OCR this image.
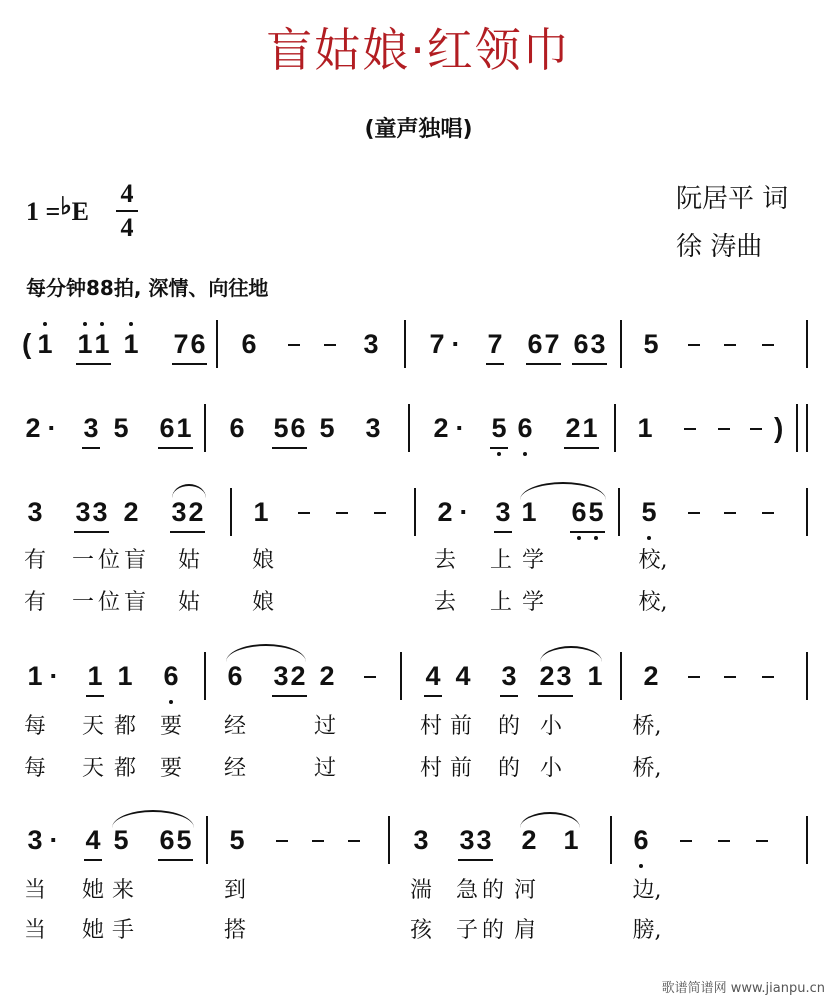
盲姑娘·红领巾
(童声独唱)
1 =♭E
4
4
阮居平 词
徐 涛曲
每分钟88拍, 深情、向往地
( 1 1 1 1 7 6 6	3 7 · 7 6 7 6 3 5
2 · 3 5 6 1 6 5 6 5 3 2 · 5 6 2 1 1	)
3 3 3 2 3 2 1	2 · 3 1 6 5 5
有 一 位 盲 姑 娘	去 上 学	校,
有 一 位 盲 姑 娘	去 上 学	校,
1 · 1 1 6 6 3 2 2	4 4 3 2 3 1 2
每 天 都 要 经	过	村 前 的 小	桥,
每 天 都 要 经	过	村 前 的 小	桥,
3 · 4 5 6 5 5	3 3 3 2 1 6
当 她 来	到	湍 急 的 河	边,
当 她 手	搭	孩 子 的 肩	膀,
歌谱简谱网 www.jianpu.cn
